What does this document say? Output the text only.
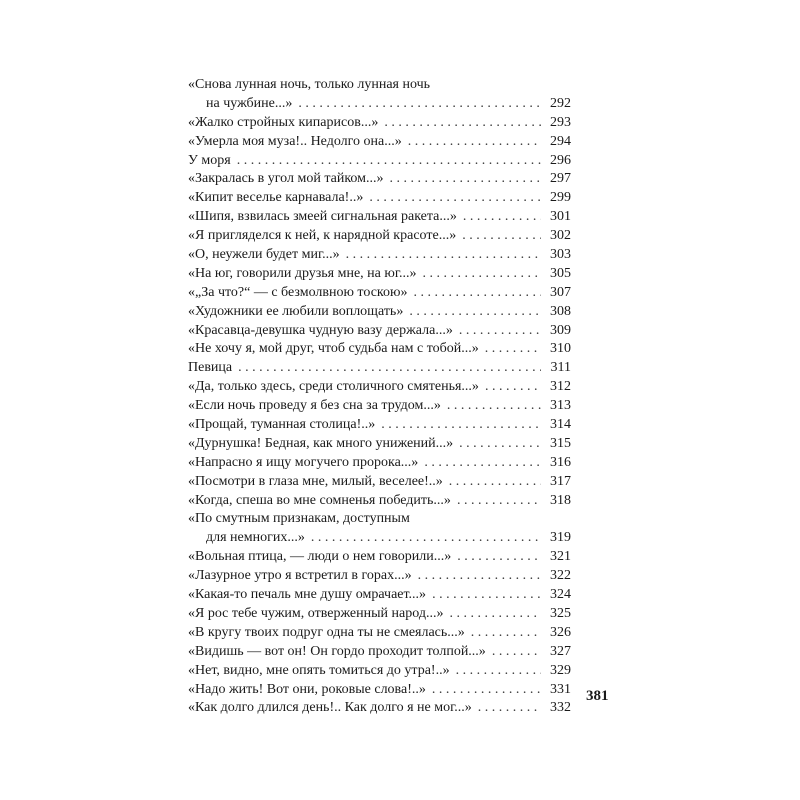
«Снова лунная ночь, только лунная ночь
на чужбине...» . . .	292
«Жалко стройных кипарисов...» . . .	293
«Умерла моя муза!.. Недолго она...» . . .	294
У моря . . .	296
«Закралась в угол мой тайком...» . . .	297
«Кипит веселье карнавала!..» . . .	299
«Шипя, взвилась змеей сигнальная ракета...» . . .	301
«Я пригляделся к ней, к нарядной красоте...» . . .	302
«О, неужели будет миг...» . . .	303
«На юг, говорили друзья мне, на юг...» . . .	305
«„За что?“ — с безмолвною тоскою» . . .	307
«Художники ее любили воплощать» . . .	308
«Красавца-девушка чудную вазу держала...» . . .	309
«Не хочу я, мой друг, чтоб судьба нам с тобой...» . . .	310
Певица . . .	311
«Да, только здесь, среди столичного смятенья...» . . .	312
«Если ночь проведу я без сна за трудом...» . . .	313
«Прощай, туманная столица!..» . . .	314
«Дурнушка! Бедная, как много унижений...» . . .	315
«Напрасно я ищу могучего пророка...» . . .	316
«Посмотри в глаза мне, милый, веселее!..» . . .	317
«Когда, спеша во мне сомненья победить...» . . .	318
«По смутным признакам, доступным
для немногих...» . . .	319
«Вольная птица, — люди о нем говорили...» . . .	321
«Лазурное утро я встретил в горах...» . . .	322
«Какая-то печаль мне душу омрачает...» . . .	324
«Я рос тебе чужим, отверженный народ...» . . .	325
«В кругу твоих подруг одна ты не смеялась...» . . .	326
«Видишь — вот он! Он гордо проходит толпой...» . . .	327
«Нет, видно, мне опять томиться до утра!..» . . .	329
«Надо жить! Вот они, роковые слова!..» . . .	331
«Как долго длился день!.. Как долго я не мог...» . . .	332
381
